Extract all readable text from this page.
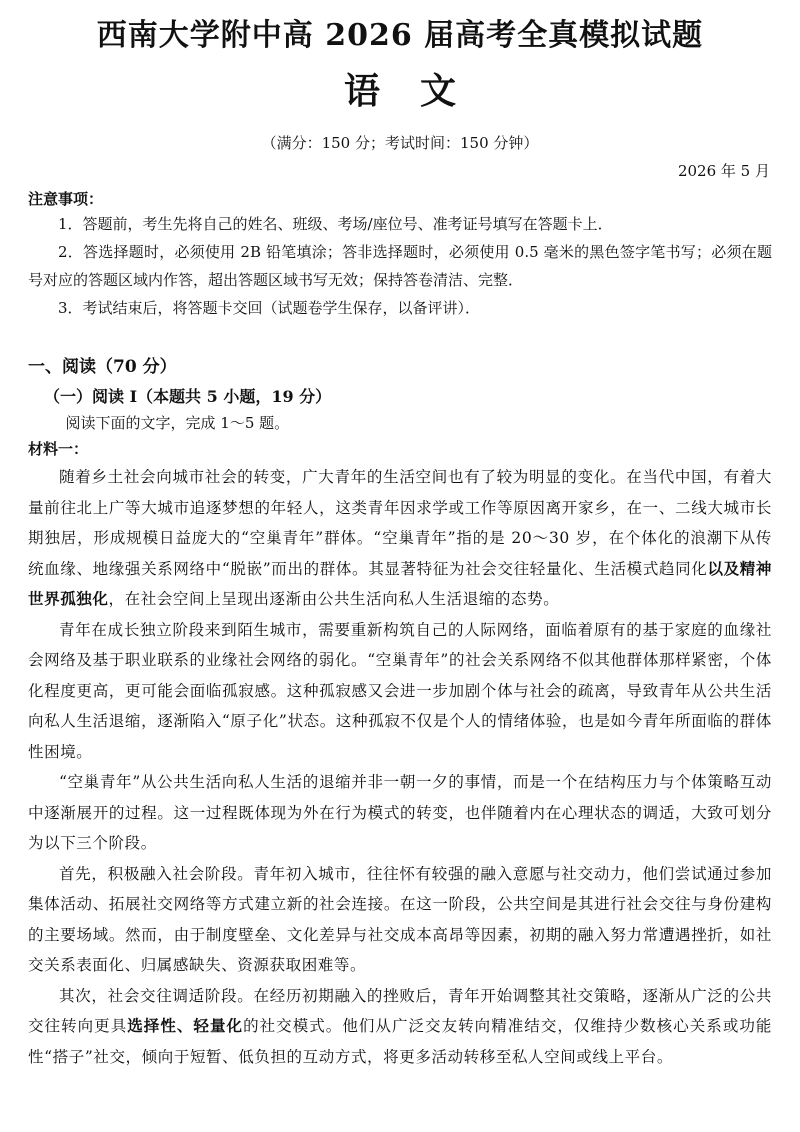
西南大学附中高 2026 届高考全真模拟试题
语文
（满分：150 分；考试时间：150 分钟）
2026 年 5 月
注意事项：

1．答题前，考生先将自己的姓名、班级、考场/座位号、准考证号填写在答题卡上．

2．答选择题时，必须使用 2B 铅笔填涂；答非选择题时，必须使用 0.5 毫米的黑色签字笔书写；必须在题号对应的答题区域内作答，超出答题区域书写无效；保持答卷清洁、完整．

3．考试结束后，将答题卡交回（试题卷学生保存，以备评讲）．

一、阅读（70 分）
（一）阅读 I（本题共 5 小题，19 分）
阅读下面的文字，完成 1～5 题。
材料一：

随着乡土社会向城市社会的转变，广大青年的生活空间也有了较为明显的变化。在当代中国，有着大量前往北上广等大城市追逐梦想的年轻人，这类青年因求学或工作等原因离开家乡，在一、二线大城市长期独居，形成规模日益庞大的“空巢青年”群体。“空巢青年”指的是 20～30 岁，在个体化的浪潮下从传统血缘、地缘强关系网络中“脱嵌”而出的群体。其显著特征为社会交往轻量化、生活模式趋同化以及精神世界孤独化，在社会空间上呈现出逐渐由公共生活向私人生活退缩的态势。

青年在成长独立阶段来到陌生城市，需要重新构筑自己的人际网络，面临着原有的基于家庭的血缘社会网络及基于职业联系的业缘社会网络的弱化。“空巢青年”的社会关系网络不似其他群体那样紧密，个体化程度更高，更可能会面临孤寂感。这种孤寂感又会进一步加剧个体与社会的疏离，导致青年从公共生活向私人生活退缩，逐渐陷入“原子化”状态。这种孤寂不仅是个人的情绪体验，也是如今青年所面临的群体性困境。

“空巢青年”从公共生活向私人生活的退缩并非一朝一夕的事情，而是一个在结构压力与个体策略互动中逐渐展开的过程。这一过程既体现为外在行为模式的转变，也伴随着内在心理状态的调适，大致可划分为以下三个阶段。

首先，积极融入社会阶段。青年初入城市，往往怀有较强的融入意愿与社交动力，他们尝试通过参加集体活动、拓展社交网络等方式建立新的社会连接。在这一阶段，公共空间是其进行社会交往与身份建构的主要场域。然而，由于制度壁垒、文化差异与社交成本高昂等因素，初期的融入努力常遭遇挫折，如社交关系表面化、归属感缺失、资源获取困难等。

其次，社会交往调适阶段。在经历初期融入的挫败后，青年开始调整其社交策略，逐渐从广泛的公共交往转向更具选择性、轻量化的社交模式。他们从广泛交友转向精准结交，仅维持少数核心关系或功能性“搭子”社交，倾向于短暂、低负担的互动方式，将更多活动转移至私人空间或线上平台。
